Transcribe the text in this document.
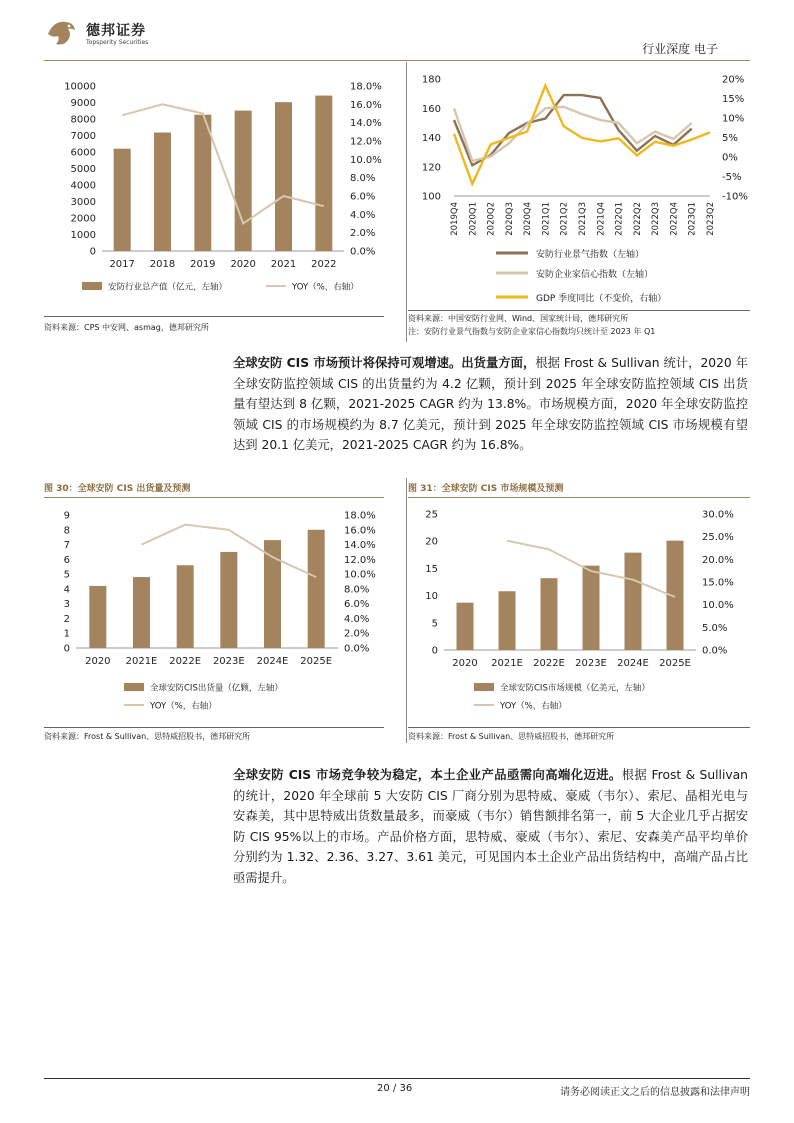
德邦证券
Topsperity Securities	行业深度 电子
0
1000
2000
3000
4000
5000
6000
7000
8000
9000
10000
0.0%
2.0%
4.0%
6.0%
8.0%
10.0%
12.0%
14.0%
16.0%
18.0%
2017 2018 2019 2020 2021 2022
安防行业总产值（亿元，左轴）	YOY（%，右轴）
资料来源：CPS 中安网、asmag，德邦研究所
100
120
140
160
180
-10%
-5%
0%
5%
10%
15%
20%
2019Q4 2020Q1 2020Q2 2020Q3 2020Q4 2021Q1 2021Q2 2021Q3 2021Q4 2022Q1 2022Q2 2022Q3 2022Q4 2023Q1 2023Q2
安防行业景气指数（左轴）
安防企业家信心指数（左轴）
GDP 季度同比（不变价，右轴）
资料来源：中国安防行业网、Wind、国家统计局，德邦研究所
注：安防行业景气指数与安防企业家信心指数均只统计至 2023 年 Q1
全球安防 CIS 市场预计将保持可观增速。出货量方面，根据 Frost & Sullivan 统计，2020 年全球安防监控领域 CIS 的出货量约为 4.2 亿颗，预计到 2025 年全球安防监控领域 CIS 出货量有望达到 8 亿颗，2021-2025 CAGR 约为 13.8%。市场规模方面，2020 年全球安防监控领域 CIS 的市场规模约为 8.7 亿美元，预计到 2025 年全球安防监控领域 CIS 市场规模有望达到 20.1 亿美元，2021-2025 CAGR 约为 16.8%。
图 30：全球安防 CIS 出货量及预测
0
1
2
3
4
5
6
7
8
9
0.0%
2.0%
4.0%
6.0%
8.0%
10.0%
12.0%
14.0%
16.0%
18.0%
2020 2021E 2022E 2023E 2024E 2025E
全球安防CIS出货量（亿颗，左轴）
YOY（%，右轴）
资料来源：Frost & Sullivan、思特威招股书，德邦研究所
图 31：全球安防 CIS 市场规模及预测
0
5
10
15
20
25
0.0%
5.0%
10.0%
15.0%
20.0%
25.0%
30.0%
2020 2021E 2022E 2023E 2024E 2025E
全球安防CIS市场规模（亿美元，左轴）
YOY（%，右轴）
资料来源：Frost & Sullivan、思特威招股书，德邦研究所
全球安防 CIS 市场竞争较为稳定，本土企业产品亟需向高端化迈进。根据 Frost & Sullivan 的统计，2020 年全球前 5 大安防 CIS 厂商分别为思特威、豪威（韦尔）、索尼、晶相光电与安森美，其中思特威出货数量最多，而豪威（韦尔）销售额排名第一，前 5 大企业几乎占据安防 CIS 95%以上的市场。产品价格方面，思特威、豪威（韦尔）、索尼、安森美产品平均单价分别约为 1.32、2.36、3.27、3.61 美元，可见国内本土企业产品出货结构中，高端产品占比亟需提升。
20 / 36	请务必阅读正文之后的信息披露和法律声明
